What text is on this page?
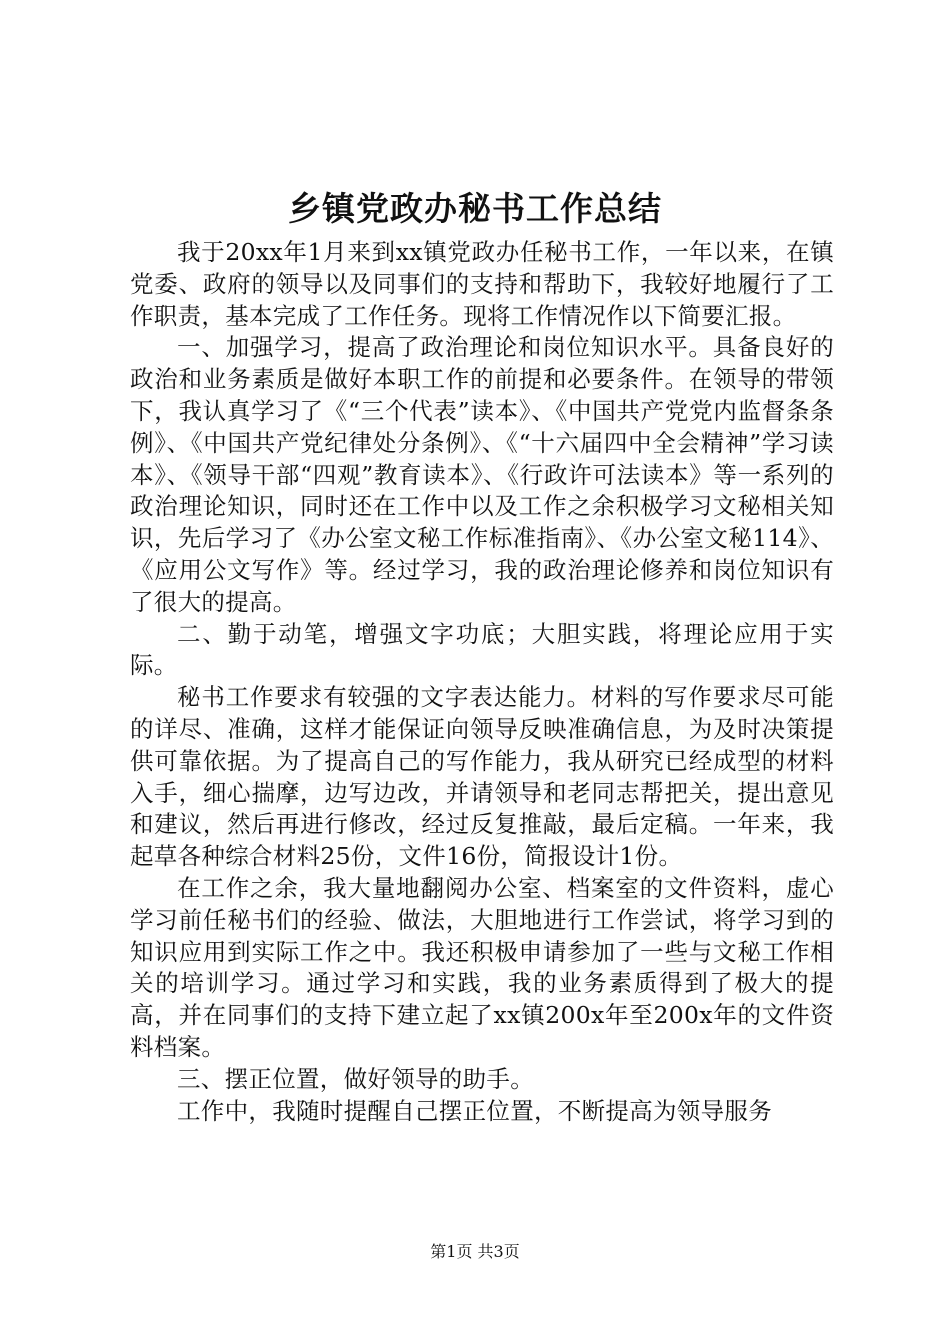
乡镇党政办秘书工作总结

我于20xx年1月来到xx镇党政办任秘书工作，一年以来，在镇党委、政府的领导以及同事们的支持和帮助下，我较好地履行了工作职责，基本完成了工作任务。现将工作情况作以下简要汇报。

一、加强学习，提高了政治理论和岗位知识水平。具备良好的政治和业务素质是做好本职工作的前提和必要条件。在领导的带领下，我认真学习了《“三个代表”读本》、《中国共产党党内监督条条例》、《中国共产党纪律处分条例》、《“十六届四中全会精神”学习读本》、《领导干部“四观”教育读本》、《行政许可法读本》等一系列的政治理论知识，同时还在工作中以及工作之余积极学习文秘相关知识，先后学习了《办公室文秘工作标准指南》、《办公室文秘114》、《应用公文写作》等。经过学习，我的政治理论修养和岗位知识有了很大的提高。

二、勤于动笔，增强文字功底；大胆实践，将理论应用于实际。

秘书工作要求有较强的文字表达能力。材料的写作要求尽可能的详尽、准确，这样才能保证向领导反映准确信息，为及时决策提供可靠依据。为了提高自己的写作能力，我从研究已经成型的材料入手，细心揣摩，边写边改，并请领导和老同志帮把关，提出意见和建议，然后再进行修改，经过反复推敲，最后定稿。一年来，我起草各种综合材料25份，文件16份，简报设计1份。

在工作之余，我大量地翻阅办公室、档案室的文件资料，虚心学习前任秘书们的经验、做法，大胆地进行工作尝试，将学习到的知识应用到实际工作之中。我还积极申请参加了一些与文秘工作相关的培训学习。通过学习和实践，我的业务素质得到了极大的提高，并在同事们的支持下建立起了xx镇200x年至200x年的文件资料档案。

三、摆正位置，做好领导的助手。

工作中，我随时提醒自己摆正位置，不断提高为领导服务

第1页 共3页
